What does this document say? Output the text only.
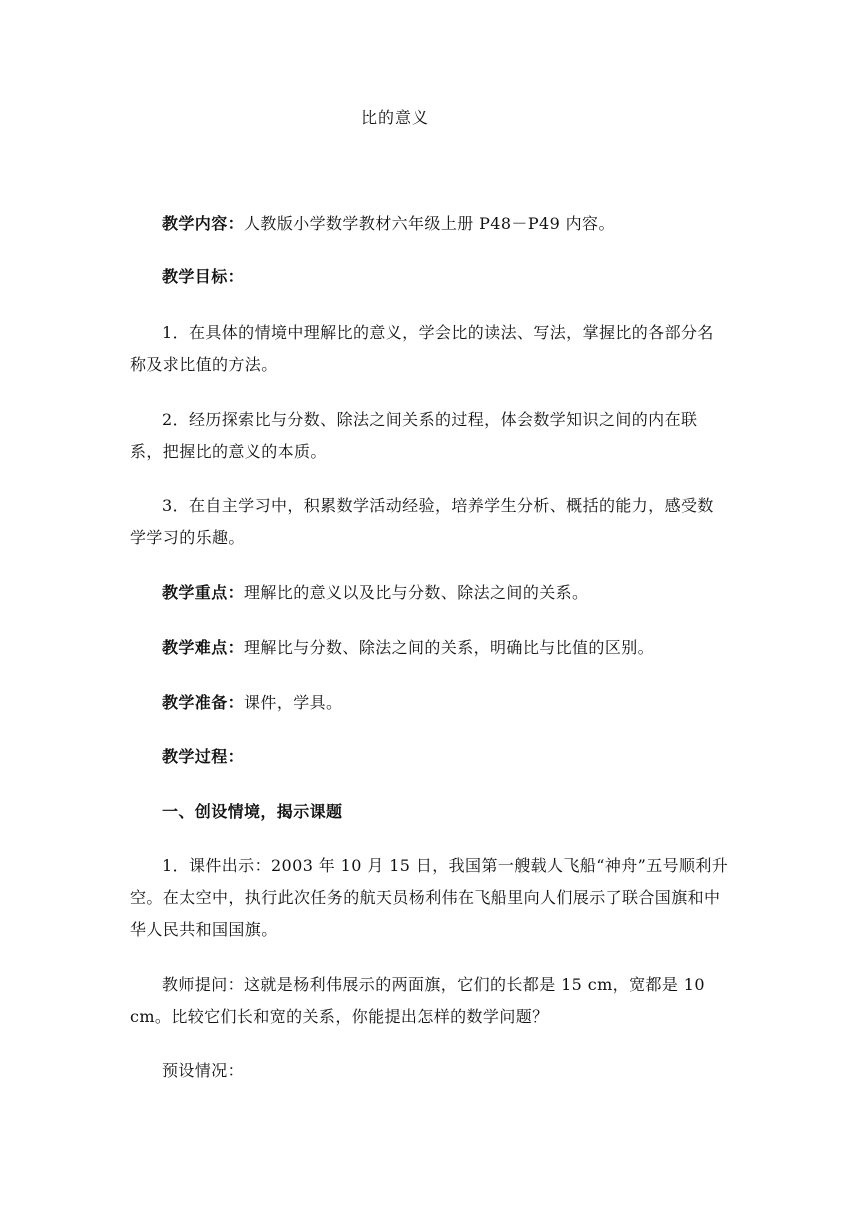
比的意义

教学内容：人教版小学数学教材六年级上册 P48－P49 内容。

教学目标：

1．在具体的情境中理解比的意义，学会比的读法、写法，掌握比的各部分名称及求比值的方法。

2．经历探索比与分数、除法之间关系的过程，体会数学知识之间的内在联系，把握比的意义的本质。

3．在自主学习中，积累数学活动经验，培养学生分析、概括的能力，感受数学学习的乐趣。

教学重点：理解比的意义以及比与分数、除法之间的关系。

教学难点：理解比与分数、除法之间的关系，明确比与比值的区别。

教学准备：课件，学具。

教学过程：

一、创设情境，揭示课题

1．课件出示：2003 年 10 月 15 日，我国第一艘载人飞船“神舟”五号顺利升空。在太空中，执行此次任务的航天员杨利伟在飞船里向人们展示了联合国旗和中华人民共和国国旗。

教师提问：这就是杨利伟展示的两面旗，它们的长都是 15 cm，宽都是 10 cm。比较它们长和宽的关系，你能提出怎样的数学问题？

预设情况：
